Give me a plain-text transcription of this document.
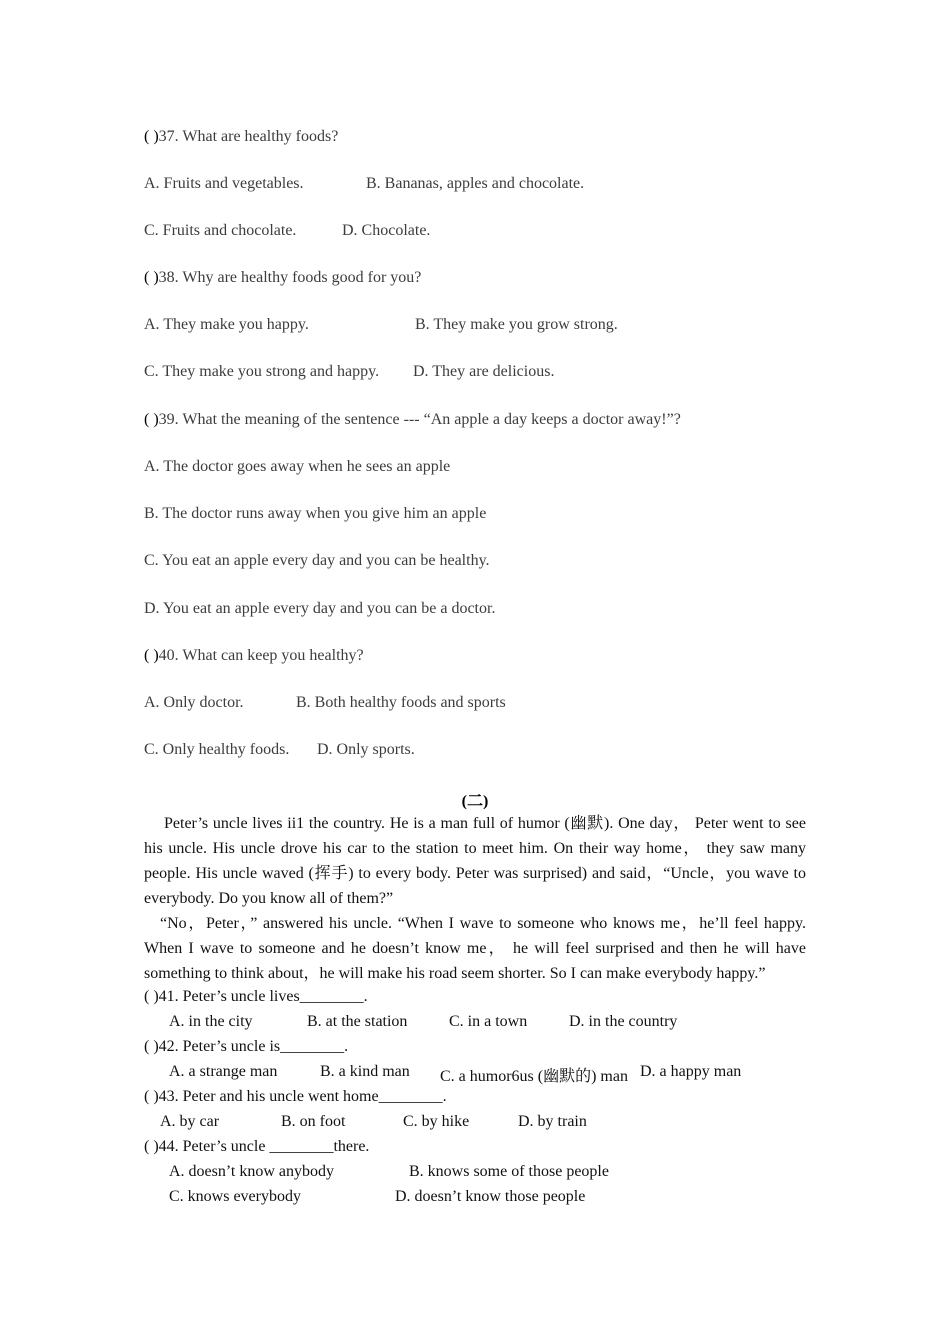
( )37. What are healthy foods?
A. Fruits and vegetables.	B. Bananas, apples and chocolate.
C. Fruits and chocolate.	D. Chocolate.
( )38. Why are healthy foods good for you?
A. They make you happy.	B. They make you grow strong.
C. They make you strong and happy. D. They are delicious.
( )39. What the meaning of the sentence --- “An apple a day keeps a doctor away!”?
A. The doctor goes away when he sees an apple
B. The doctor runs away when you give him an apple
C. You eat an apple every day and you can be healthy.
D. You eat an apple every day and you can be a doctor.
( )40. What can keep you healthy?
A. Only doctor.	B. Both healthy foods and sports
C. Only healthy foods. D. Only sports.
(二)

Peter’s uncle lives ii1 the country. He is a man full of humor (幽默). One day， Peter went to see his uncle. His uncle drove his car to the station to meet him. On their way home， they saw many people. His uncle waved (挥手) to every body. Peter was surprised) and said，“Uncle，you wave to everybody. Do you know all of them?”

“No，Peter，” answered his uncle. “When I wave to someone who knows me，he’ll feel happy. When I wave to someone and he doesn’t know me， he will feel surprised and then he will have something to think about，he will make his road seem shorter. So I can make everybody happy.”

( )41. Peter’s uncle lives________.
A. in the city	B. at the station	C. in a town	D. in the country
( )42. Peter’s uncle is________.
A. a strange man	B. a kind man C. a humor6us (幽默的) man D. a happy man
( )43. Peter and his uncle went home________.
A. by car	B. on foot	C. by hike	D. by train
( )44. Peter’s uncle ________there.
A. doesn’t know anybody	B. knows some of those people
C. knows everybody	D. doesn’t know those people
